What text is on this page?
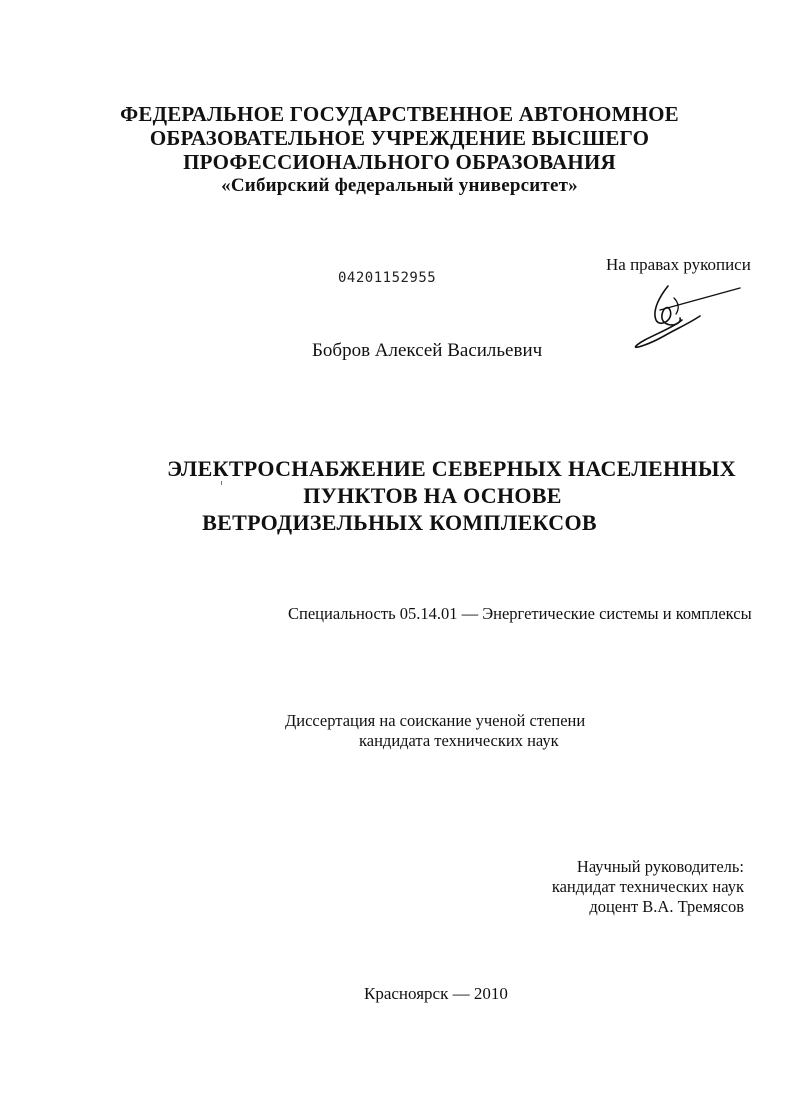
ФЕДЕРАЛЬНОЕ ГОСУДАРСТВЕННОЕ АВТОНОМНОЕ
ОБРАЗОВАТЕЛЬНОЕ УЧРЕЖДЕНИЕ ВЫСШЕГО
ПРОФЕССИОНАЛЬНОГО ОБРАЗОВАНИЯ
«Сибирский федеральный университет»
04201152955
На правах рукописи
Бобров Алексей Васильевич
ЭЛЕКТРОСНАБЖЕНИЕ СЕВЕРНЫХ НАСЕЛЕННЫХ
ПУНКТОВ НА ОСНОВЕ
ВЕТРОДИЗЕЛЬНЫХ КОМПЛЕКСОВ
Специальность 05.14.01 — Энергетические системы и комплексы
Диссертация на соискание ученой степени
кандидата технических наук
Научный руководитель:
кандидат технических наук
доцент В.А. Тремясов
Красноярск — 2010
